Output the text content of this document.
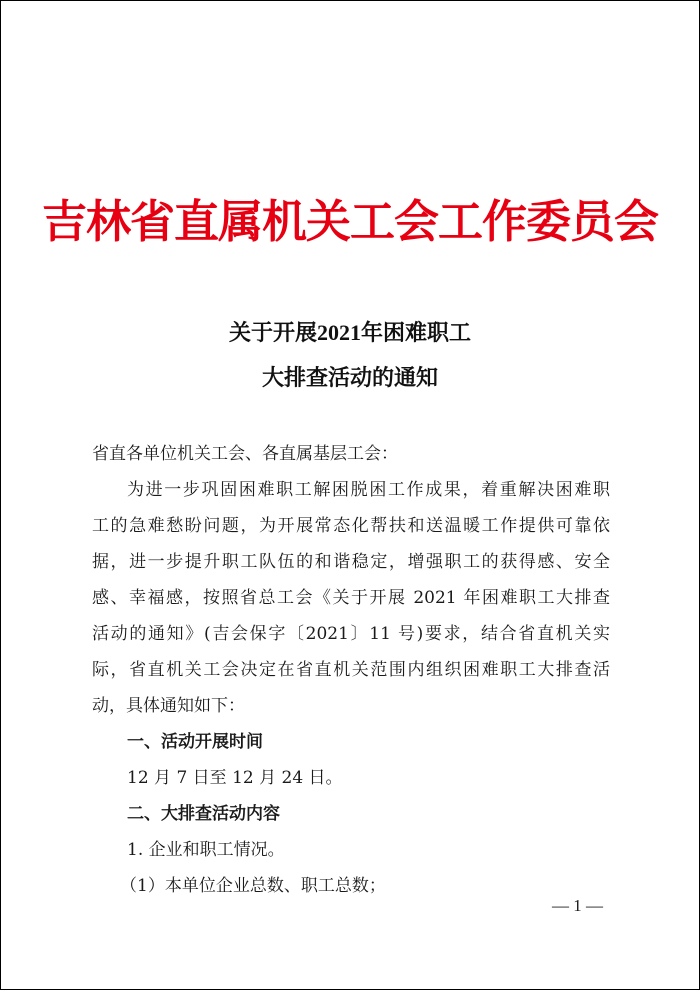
吉林省直属机关工会工作委员会
关于开展2021年困难职工
大排查活动的通知
省直各单位机关工会、各直属基层工会：
为进一步巩固困难职工解困脱困工作成果，着重解决困难职
工的急难愁盼问题，为开展常态化帮扶和送温暖工作提供可靠依
据，进一步提升职工队伍的和谐稳定，增强职工的获得感、安全
感、幸福感，按照省总工会《关于开展 2021 年困难职工大排查
活动的通知》(吉会保字〔2021〕11 号)要求，结合省直机关实
际，省直机关工会决定在省直机关范围内组织困难职工大排查活
动，具体通知如下：
一、活动开展时间
12 月 7 日至 12 月 24 日。
二、大排查活动内容
1. 企业和职工情况。
（1）本单位企业总数、职工总数；
— 1 —
